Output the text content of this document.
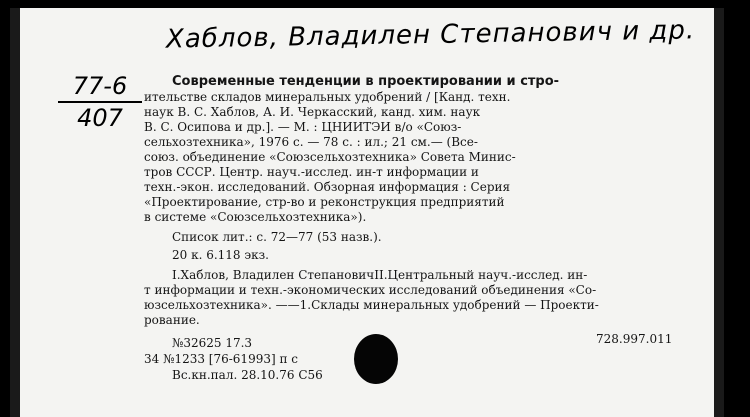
Хаблов, Владилен Степанович и др.
77-6
407
Современные тенденции в проектировании и стро-
ительстве складов минеральных удобрений / [Канд. техн.
наук В. С. Хаблов, А. И. Черкасский, канд. хим. наук
В. С. Осипова и др.]. — М. : ЦНИИТЭИ в/о «Союз-
сельхозтехника», 1976 с. — 78 с. : ил.; 21 см.— (Все-
союз. объединение «Союзсельхозтехника» Совета Минис-
тров СССР. Центр. науч.-исслед. ин-т информации и
техн.-экон. исследований. Обзорная информация : Серия
«Проектирование, стр-во и реконструкция предприятий
в системе «Союзсельхозтехника»).
Список лит.: с. 72—77 (53 назв.).
20 к. 6.118 экз.
I.Хаблов, Владилен СтепановичII.Центральный науч.-исслед. ин-
т информации и техн.-экономических исследований объединения «Со-
юзсельхозтехника». ——1.Склады минеральных удобрений — Проекти-
рование.
№32625 17.3	728.997.011
34 №1233 [76-61993] п с
Вс.кн.пал. 28.10.76 С56
